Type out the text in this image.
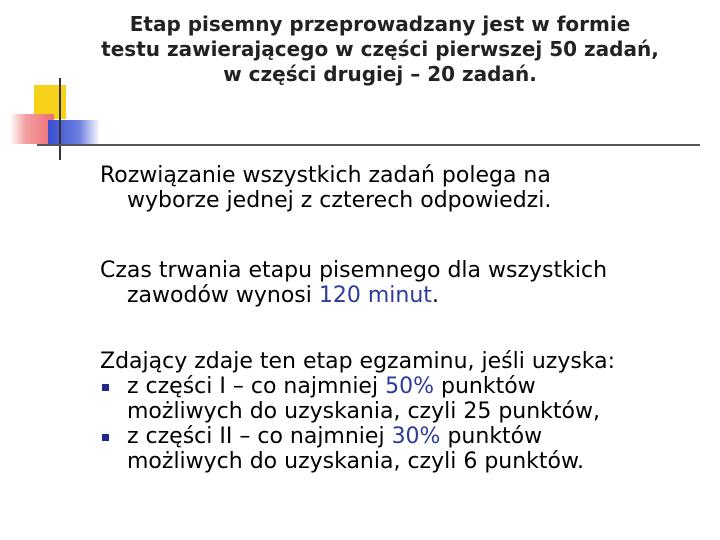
Etap pisemny przeprowadzany jest w formie
testu zawierającego w części pierwszej 50 zadań,
w części drugiej – 20 zadań.
Rozwiązanie wszystkich zadań polega na
wyborze jednej z czterech odpowiedzi.
Czas trwania etapu pisemnego dla wszystkich
zawodów wynosi 120 minut.
Zdający zdaje ten etap egzaminu, jeśli uzyska:
z części I – co najmniej 50% punktów
możliwych do uzyskania, czyli 25 punktów,
z części II – co najmniej 30% punktów
możliwych do uzyskania, czyli 6 punktów.
